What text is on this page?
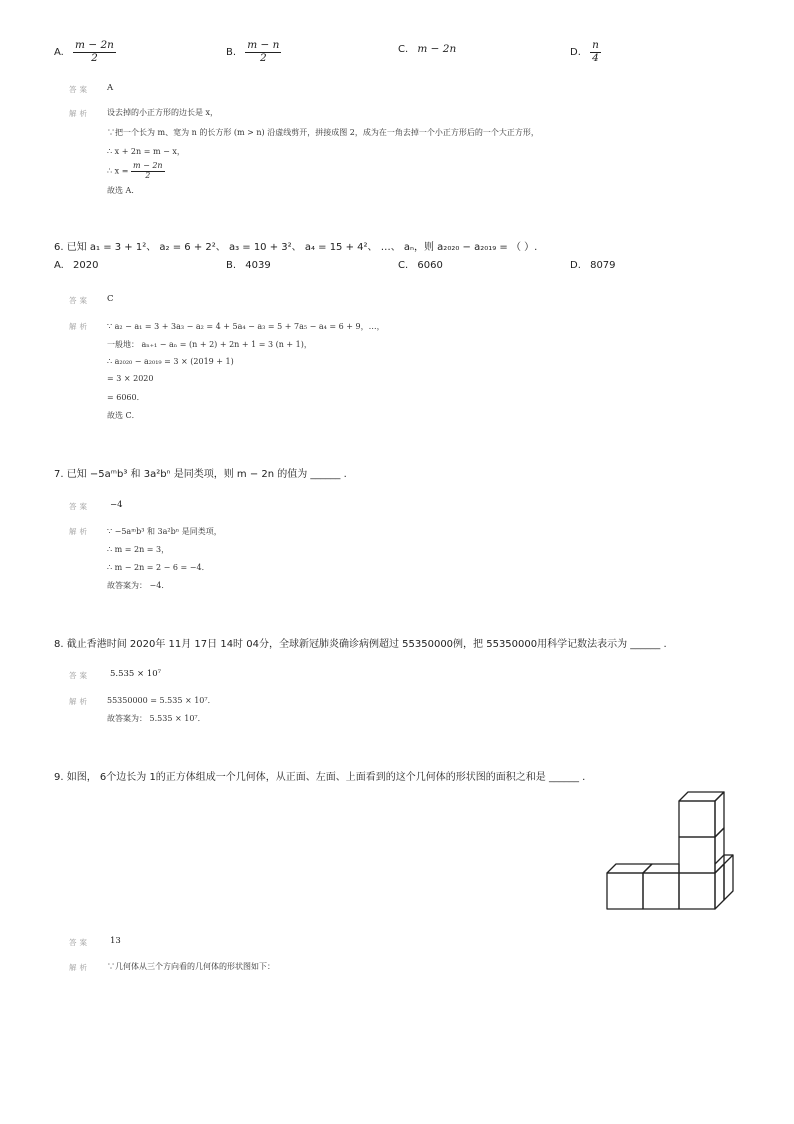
A. $\frac{m - 2n}{2}$	B. $\frac{m - n}{2}$	C. m − 2n	D. $\frac{n}{4}$
答案 A
解析 设去掉的小正方形的边长是 x，
∵把一个长为 m、宽为 n 的长方形 (m > n) 沿虚线剪开，拼接成图 2，成为在一角去掉一个小正方形后的一个大正方形，
∴ x + 2n = m − x，
∴ $x = \frac{m - 2n}{2}$
故选 A．
6. 已知 a₁ = 3 + 1²、 a₂ = 6 + 2²、 a₃ = 10 + 3²、 a₄ = 15 + 4²、 …、 aₙ，则 a₂₀₂₀ − a₂₀₁₉ = （ ）.
A. 2020	B. 4039	C. 6060	D. 8079
答案 C
解析 ∵ a₂ − a₁ = 3 + 3a₃ − a₂ = 4 + 5a₄ − a₃ = 5 + 7a₅ − a₄ = 6 + 9，…，
一般地： aₙ₊₁ − aₙ = (n + 2) + 2n + 1 = 3 (n + 1)，
∴ a₂₀₂₀ − a₂₀₁₉ = 3 × (2019 + 1)
= 3 × 2020
= 6060．
故选 C．
7. 已知 −5aᵐb³ 和 3a²bⁿ 是同类项，则 m − 2n 的值为 ______ .
答案 −4
解析 ∵ −5aᵐb³ 和 3a²bⁿ 是同类项，
∴ m = 2n = 3，
∴ m − 2n = 2 − 6 = −4．
故答案为： −4．
8. 截止香港时间 2020年 11月 17日 14时 04分，全球新冠肺炎确诊病例超过 55350000例，把 55350000用科学记数法表示为 ______ .
答案 5.535 × 10⁷
解析 55350000 = 5.535 × 10⁷．
故答案为： 5.535 × 10⁷．
9. 如图， 6个边长为 1的正方体组成一个几何体，从正面、左面、上面看到的这个几何体的形状图的面积之和是 ______ .
答案 13
解析 ∵几何体从三个方向看的几何体的形状图如下：
